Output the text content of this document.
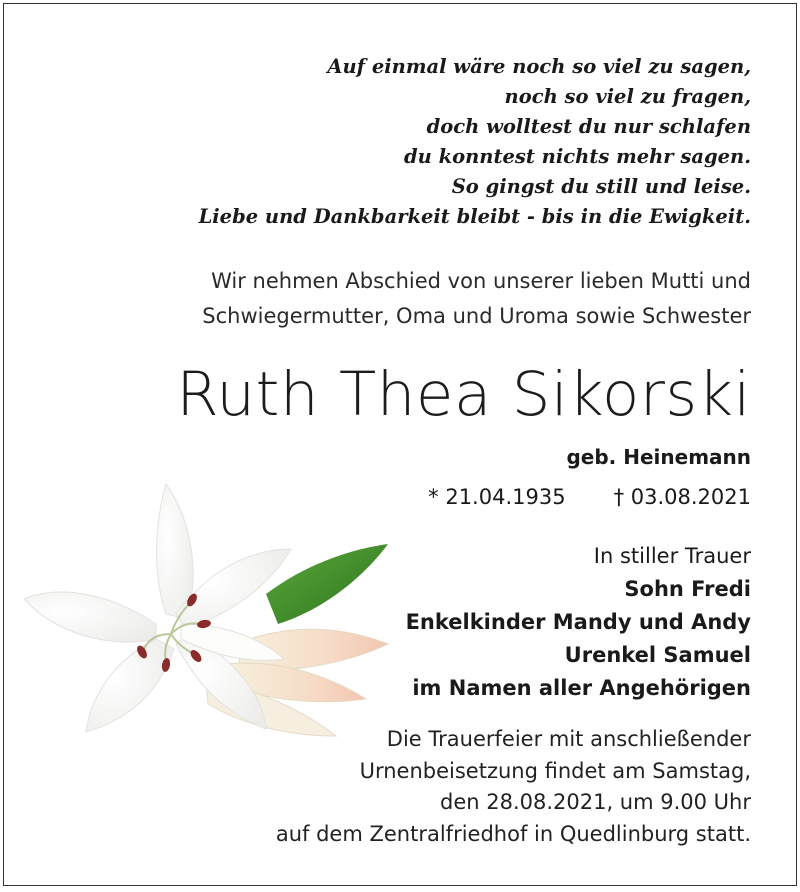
Auf einmal wäre noch so viel zu sagen,
noch so viel zu fragen,
doch wolltest du nur schlafen
du konntest nichts mehr sagen.
So gingst du still und leise.
Liebe und Dankbarkeit bleibt - bis in die Ewigkeit.
Wir nehmen Abschied von unserer lieben Mutti und
Schwiegermutter, Oma und Uroma sowie Schwester
Ruth Thea Sikorski
geb. Heinemann
* 21.04.1935 † 03.08.2021
In stiller Trauer
Sohn Fredi
Enkelkinder Mandy und Andy
Urenkel Samuel
im Namen aller Angehörigen
Die Trauerfeier mit anschließender
Urnenbeisetzung findet am Samstag,
den 28.08.2021, um 9.00 Uhr
auf dem Zentralfriedhof in Quedlinburg statt.
